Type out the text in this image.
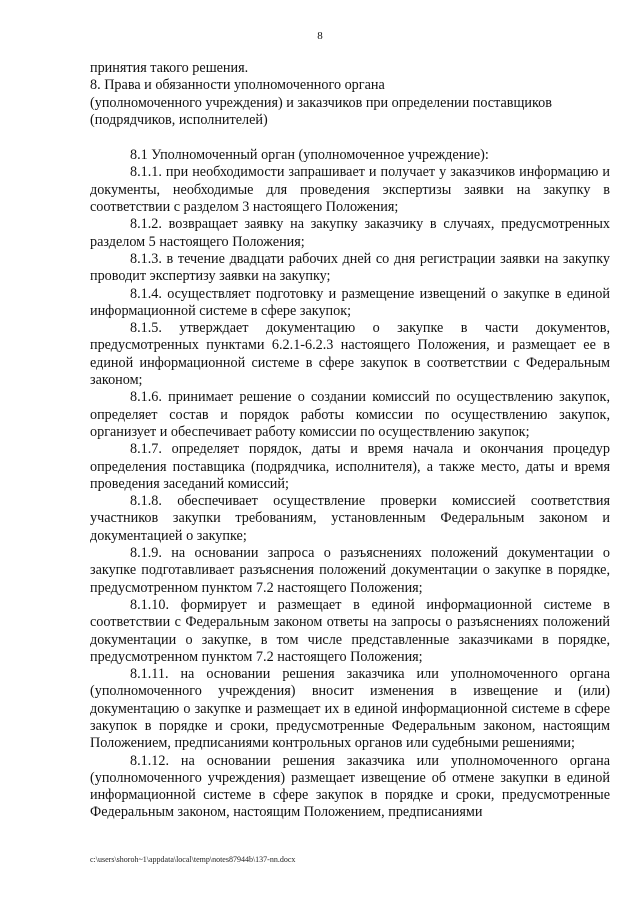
8

принятия такого решения.

8. Права и обязанности уполномоченного органа

(уполномоченного учреждения) и заказчиков при определении поставщиков

(подрядчиков, исполнителей)

8.1 Уполномоченный орган (уполномоченное учреждение):

8.1.1. при необходимости запрашивает и получает у заказчиков информацию и документы, необходимые для проведения экспертизы заявки на закупку в соответствии с разделом 3 настоящего Положения;

8.1.2. возвращает заявку на закупку заказчику в случаях, предусмотренных разделом 5 настоящего Положения;

8.1.3. в течение двадцати рабочих дней со дня регистрации заявки на закупку проводит экспертизу заявки на закупку;

8.1.4. осуществляет подготовку и размещение извещений о закупке в единой информационной системе в сфере закупок;

8.1.5. утверждает документацию о закупке в части документов, предусмотренных пунктами 6.2.1-6.2.3 настоящего Положения, и размещает ее в единой информационной системе в сфере закупок в соответствии с Федеральным законом;

8.1.6. принимает решение о создании комиссий по осуществлению закупок, определяет состав и порядок работы комиссии по осуществлению закупок, организует и обеспечивает работу комиссии по осуществлению закупок;

8.1.7. определяет порядок, даты и время начала и окончания процедур определения поставщика (подрядчика, исполнителя), а также место, даты и время проведения заседаний комиссий;

8.1.8. обеспечивает осуществление проверки комиссией соответствия участников закупки требованиям, установленным Федеральным законом и документацией о закупке;

8.1.9. на основании запроса о разъяснениях положений документации о закупке подготавливает разъяснения положений документации о закупке в порядке, предусмотренном пунктом 7.2 настоящего Положения;

8.1.10. формирует и размещает в единой информационной системе в соответствии с Федеральным законом ответы на запросы о разъяснениях положений документации о закупке, в том числе представленные заказчиками в порядке, предусмотренном пунктом 7.2 настоящего Положения;

8.1.11. на основании решения заказчика или уполномоченного органа (уполномоченного учреждения) вносит изменения в извещение и (или) документацию о закупке и размещает их в единой информационной системе в сфере закупок в порядке и сроки, предусмотренные Федеральным законом, настоящим Положением, предписаниями контрольных органов или судебными решениями;

8.1.12. на основании решения заказчика или уполномоченного органа (уполномоченного учреждения) размещает извещение об отмене закупки в единой информационной системе в сфере закупок в порядке и сроки, предусмотренные Федеральным законом, настоящим Положением, предписаниями

c:\users\shoroh~1\appdata\local\temp\notes87944b\137-nn.docx
